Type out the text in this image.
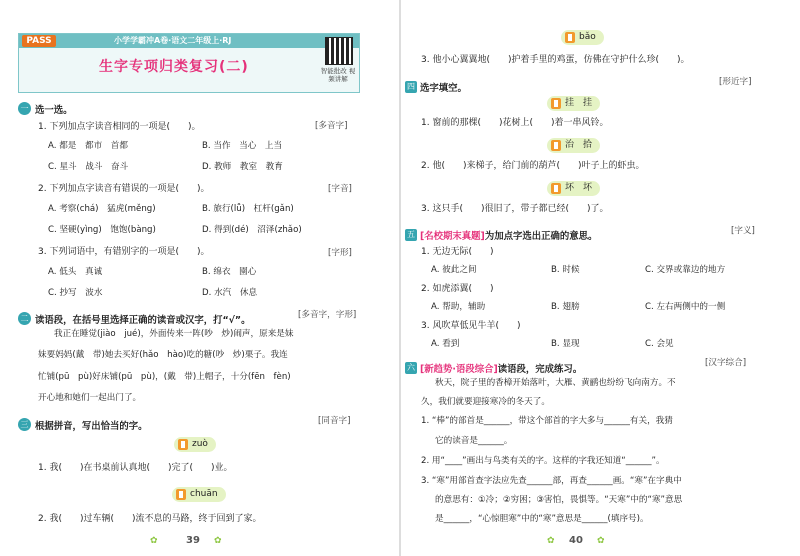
PASS	小学学霸冲A卷·语文二年级上·RJ
生字专项归类复习(二)	智能批改 视频讲解
一 选一选。
1. 下列加点字读音相同的一项是(　　)。	[多音字]
A. 都是　都市　首都	B. 当作　当心　上当
C. 星斗　战斗　奋斗	D. 教师　教室　教育
2. 下列加点字读音有错误的一项是(　　)。	[字音]
A. 考察(chá)　猛虎(měng)	B. 旅行(lǚ)　杠杆(gǎn)
C. 坚硬(yìng)　饱饱(bàng)	D. 得到(dé)　沼泽(zhǎo)
3. 下列词语中，有错别字的一项是(　　)。	[字形]
A. 低头　真诚	B. 绵衣　園心
C. 抄写　波水	D. 水汽　休息
二 读语段，在括号里选择正确的读音或汉字，打“√”。	[多音字，字形]
我正在睡觉(jiào　jué)，外面传来一阵(吵　炒)闹声，原来是妹
妹要妈妈(戴　带)她去买好(hǎo　hào)吃的糖(吵　炒)栗子。我连
忙铺(pū　pù)好床铺(pū　pù)，(戴　带)上帽子，十分(fēn　fèn)
开心地和她们一起出门了。
三 根据拼音，写出恰当的字。	[同音字]
zuò
1. 我(　　)在书桌前认真地(　　)完了(　　)业。
chuān
2. 我(　　)过车辆(　　)流不息的马路，终于回到了家。
✿	39 ✿
bǎo
3. 他小心翼翼地(　　)护着手里的鸡蛋，仿佛在守护什么珍(　　)。
四 选字填空。
[形近字]
挂　挂
1. 窗前的那棵(　　)花树上(　　)着一串风铃。
治　拾
2. 他(　　)来梯子，给门前的葫芦(　　)叶子上的虾虫。
坏　坏
3. 这只手(　　)很旧了，带子都已经(　　)了。
五 [名校期末真题]为加点字选出正确的意思。	[字义]
1. 无边无际(　　)
A. 彼此之间	B. 时候	C. 交界或靠边的地方
2. 如虎添翼(　　)
A. 帮助，辅助	B. 翅膀	C. 左右两侧中的一侧
3. 风吹草低见牛羊(　　)
A. 看到	B. 显现	C. 会见
六 [新趋势·语段综合]读语段，完成练习。
[汉字综合]
秋天，院子里的香樟开始落叶，大雁、黄鹂也纷纷飞向南方。不
久，我们就要迎接寒冷的冬天了。
1. “棒”的部首是______，带这个部首的字大多与______有关，我猜
它的读音是______。
2. 用“____”画出与鸟类有关的字。这样的字我还知道“______”。
3. “寒”用部首查字法应先查______部，再查______画。“寒”在字典中
的意思有：①冷；②穷困；③害怕，畏惧等。“天寒”中的“寒”意思
是______，“心惊胆寒”中的“寒”意思是______(填序号)。
✿ 40 ✿
